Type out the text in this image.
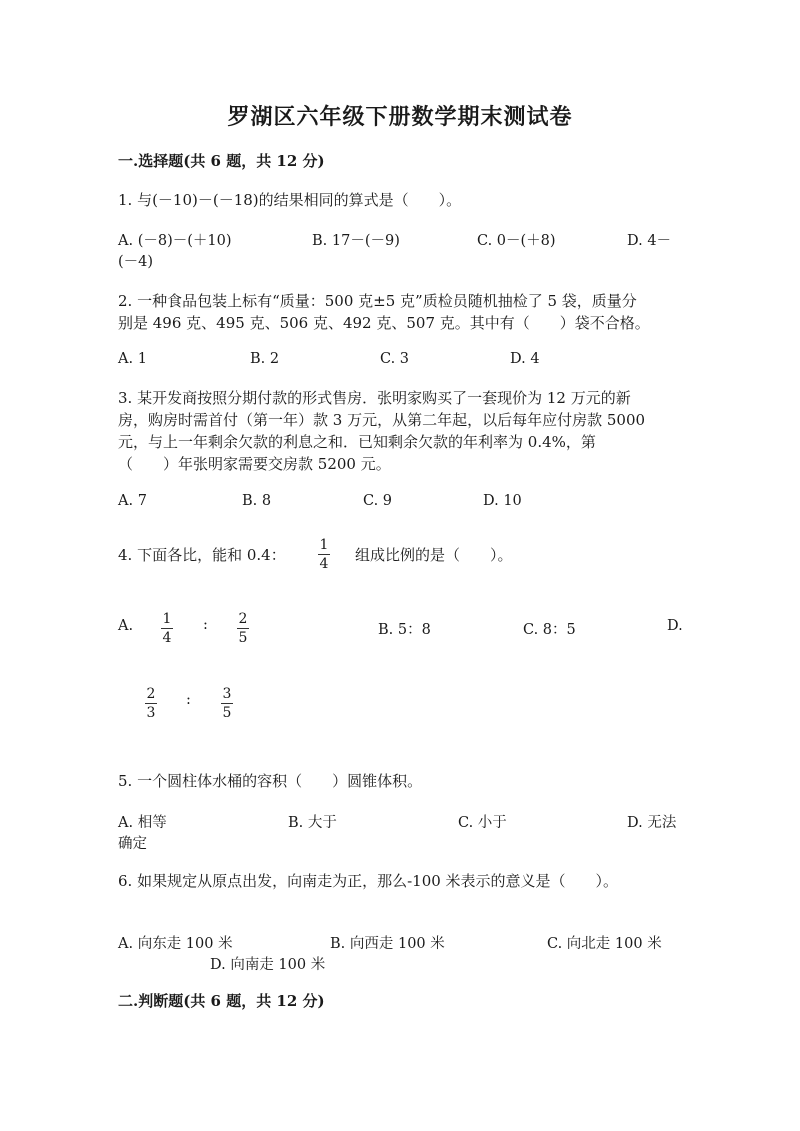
罗湖区六年级下册数学期末测试卷
一.选择题(共 6 题，共 12 分)
1. 与(－10)－(－18)的结果相同的算式是（　　）。
A. (－8)－(＋10)	B. 17－(－9)	C. 0－(＋8)	D. 4－
(－4)
2. 一种食品包装上标有“质量：500 克±5 克”质检员随机抽检了 5 袋，质量分
别是 496 克、495 克、506 克、492 克、507 克。其中有（　　）袋不合格。
A. 1	B. 2	C. 3	D. 4
3. 某开发商按照分期付款的形式售房．张明家购买了一套现价为 12 万元的新
房，购房时需首付（第一年）款 3 万元，从第二年起，以后每年应付房款 5000
元，与上一年剩余欠款的利息之和．已知剩余欠款的年利率为 0.4%，第
（　　）年张明家需要交房款 5200 元。
A. 7	B. 8	C. 9	D. 10
4. 下面各比，能和 0.4：
1
4 组成比例的是（　　）。
A. 1
4
: 2
5	B. 5：8	C. 8：5	D.
2
3
: 3
5
5. 一个圆柱体水桶的容积（　　）圆锥体积。
A. 相等	B. 大于	C. 小于	D. 无法
确定
6. 如果规定从原点出发，向南走为正，那么-100 米表示的意义是（　　）。
A. 向东走 100 米	B. 向西走 100 米	C. 向北走 100 米
D. 向南走 100 米
二.判断题(共 6 题，共 12 分)
